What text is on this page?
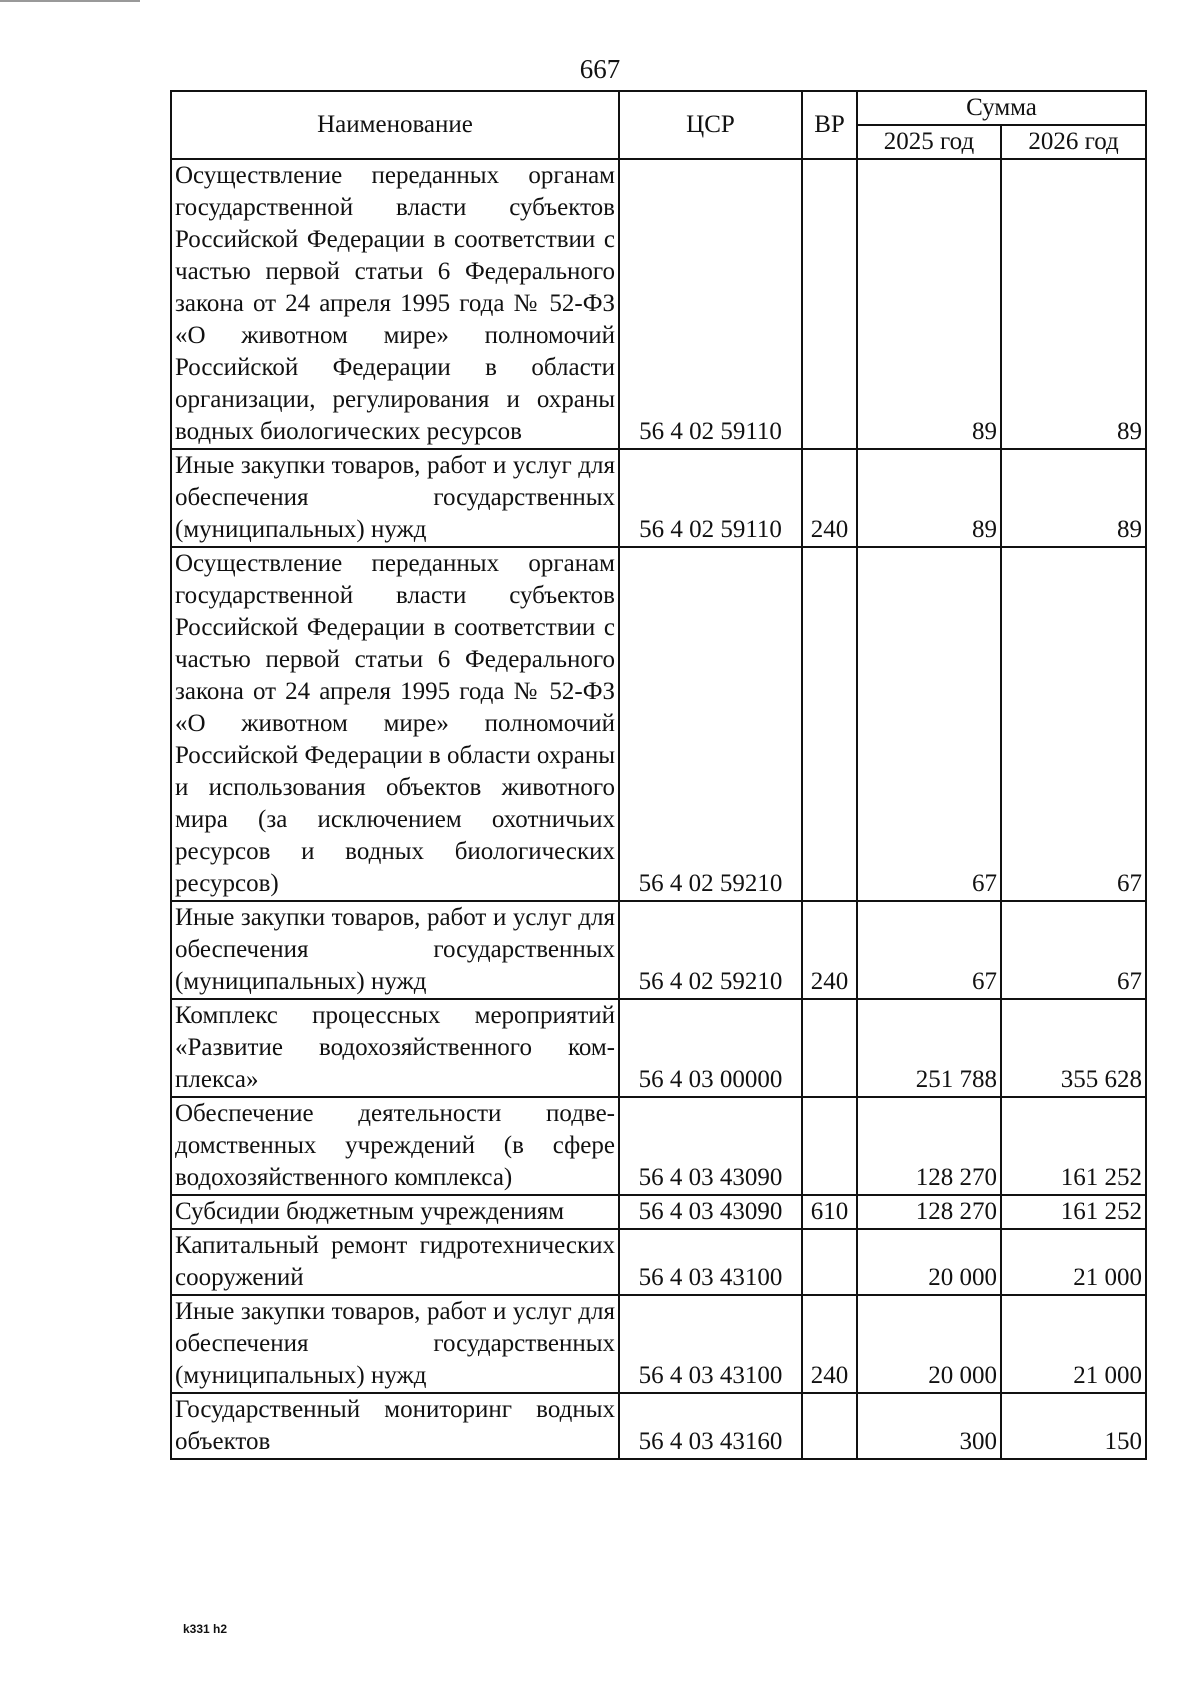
667
Наименование	ЦСР	ВР	Сумма	
			2025 год	2026 год
Осуществление переданных органам государственной власти субъектов Российской Федерации в соответствии с частью первой статьи 6 Федерального закона от 24 апреля 1995 года № 52-ФЗ «О животном мире» полномочий Российской Федерации в области организации, регулирования и охраны водных биологических ресурсов	56 4 02 59110		89	89
Иные закупки товаров, работ и услуг для обеспечения государственных (муниципальных) нужд	56 4 02 59110	240	89	89
Осуществление переданных органам государственной власти субъектов Российской Федерации в соответствии с частью первой статьи 6 Федерального закона от 24 апреля 1995 года № 52-ФЗ «О животном мире» полномочий Российской Федерации в области охраны и использования объектов животного мира (за исключением охотничьих ресурсов и водных биологических ресурсов)	56 4 02 59210		67	67
Иные закупки товаров, работ и услуг для обеспечения государственных (муниципальных) нужд	56 4 02 59210	240	67	67
Комплекс процессных мероприятий «Развитие водохозяйственного комплекса»	56 4 03 00000		251 788	355 628
Обеспечение деятельности подведомственных учреждений (в сфере водохозяйственного комплекса)	56 4 03 43090		128 270	161 252
Субсидии бюджетным учреждениям	56 4 03 43090	610	128 270	161 252
Капитальный ремонт гидротехнических сооружений	56 4 03 43100		20 000	21 000
Иные закупки товаров, работ и услуг для обеспечения государственных (муниципальных) нужд	56 4 03 43100	240	20 000	21 000
Государственный мониторинг водных объектов	56 4 03 43160		300	150
k331 h2
